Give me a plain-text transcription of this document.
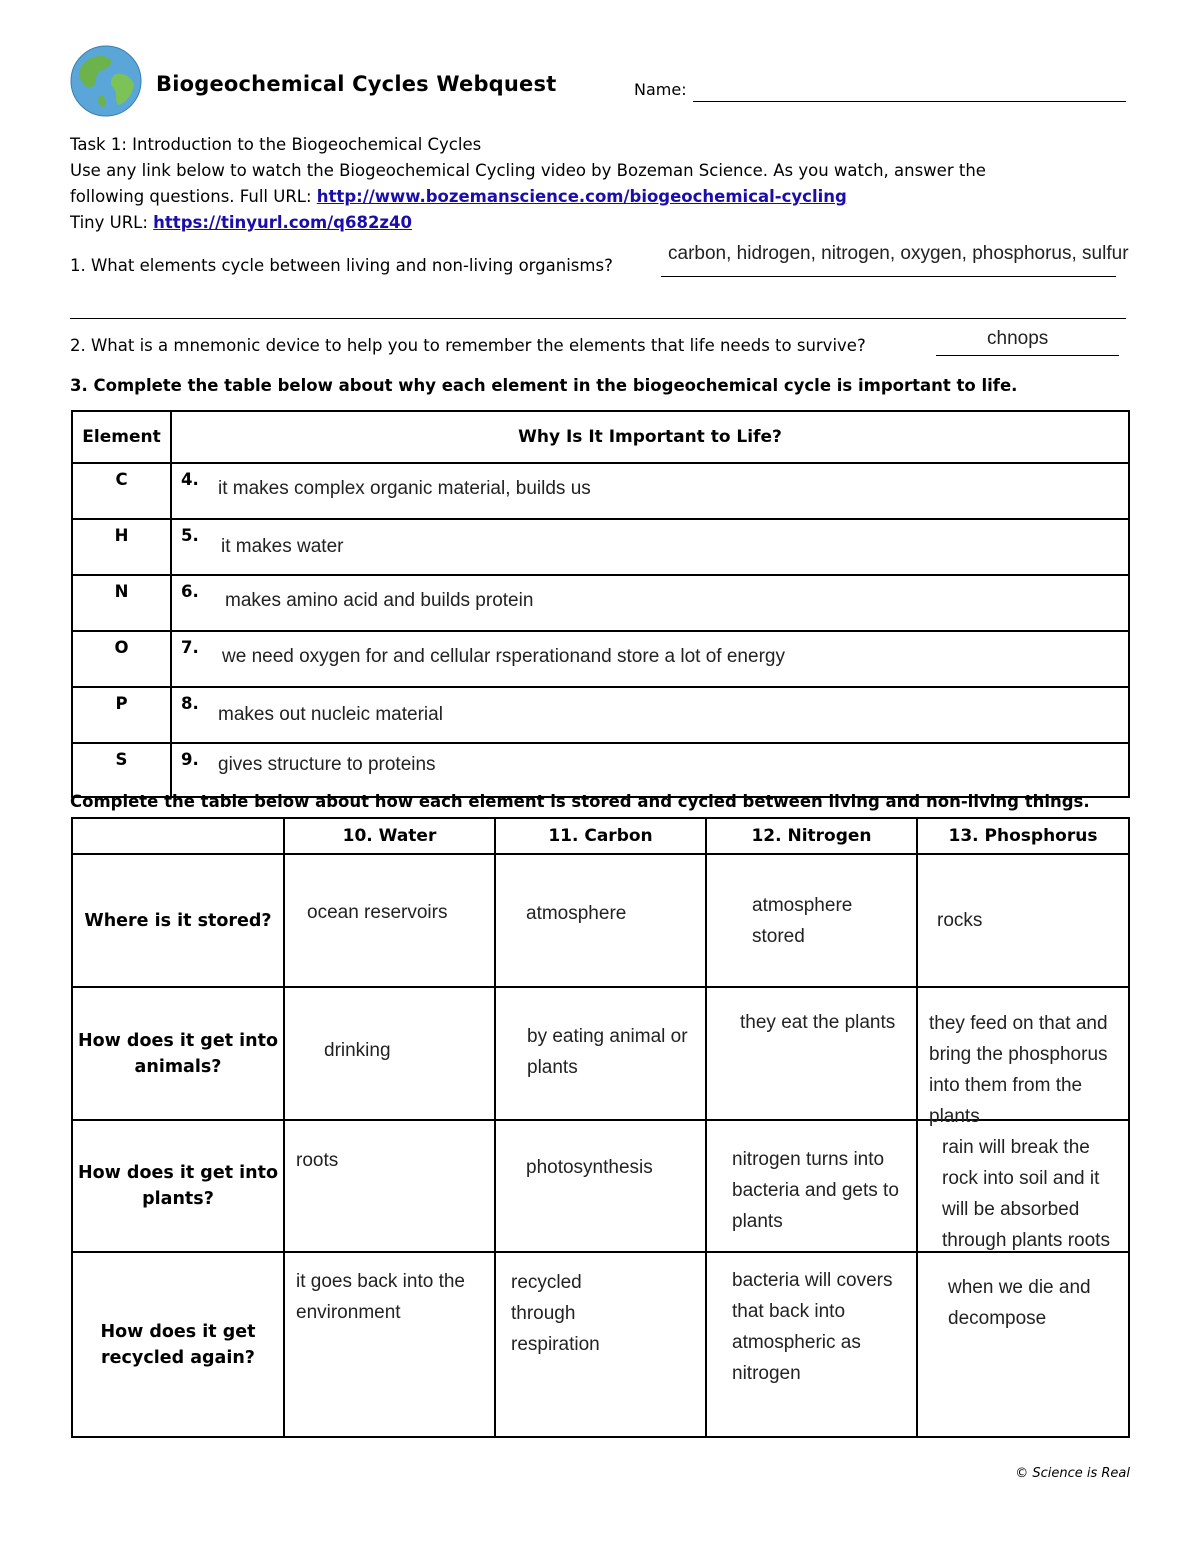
Biogeochemical Cycles Webquest	Name:
Task 1: Introduction to the Biogeochemical Cycles
Use any link below to watch the Biogeochemical Cycling video by Bozeman Science. As you watch, answer the
following questions. Full URL: http://www.bozemanscience.com/biogeochemical-cycling
Tiny URL: https://tinyurl.com/q682z40
1. What elements cycle between living and non-living organisms?
carbon, hidrogen, nitrogen, oxygen, phosphorus, sulfur
2. What is a mnemonic device to help you to remember the elements that life needs to survive?	chnops
3. Complete the table below about why each element in the biogeochemical cycle is important to life.
Element	Why Is It Important to Life?
C	4. it makes complex organic material, builds us

H	5.
it makes water

N	6. makes amino acid and builds protein

O	7. we need oxygen for and cellular rsperationand store a lot of energy

P	8.
makes out nucleic material

S	9. gives structure to proteins
Complete the table below about how each element is stored and cycled between living and non-living things.
	10. Water	11. Carbon	12. Nitrogen	13. Phosphorus
Where is it stored?	ocean reservoirs	atmosphere	atmosphere stored	rocks

How does it get into animals?	drinking	by eating animal or plants	they eat the plants	they feed on that and bring the phosphorus into them from the plants

How does it get into plants?	roots	photosynthesis	nitrogen turns into bacteria and gets to plants	rain will break the rock into soil and it will be absorbed through plants roots

How does it get recycled again?	it goes back into the environment	recycled through respiration	bacteria will covers that back into atmospheric as nitrogen	when we die and decompose
© Science is Real
